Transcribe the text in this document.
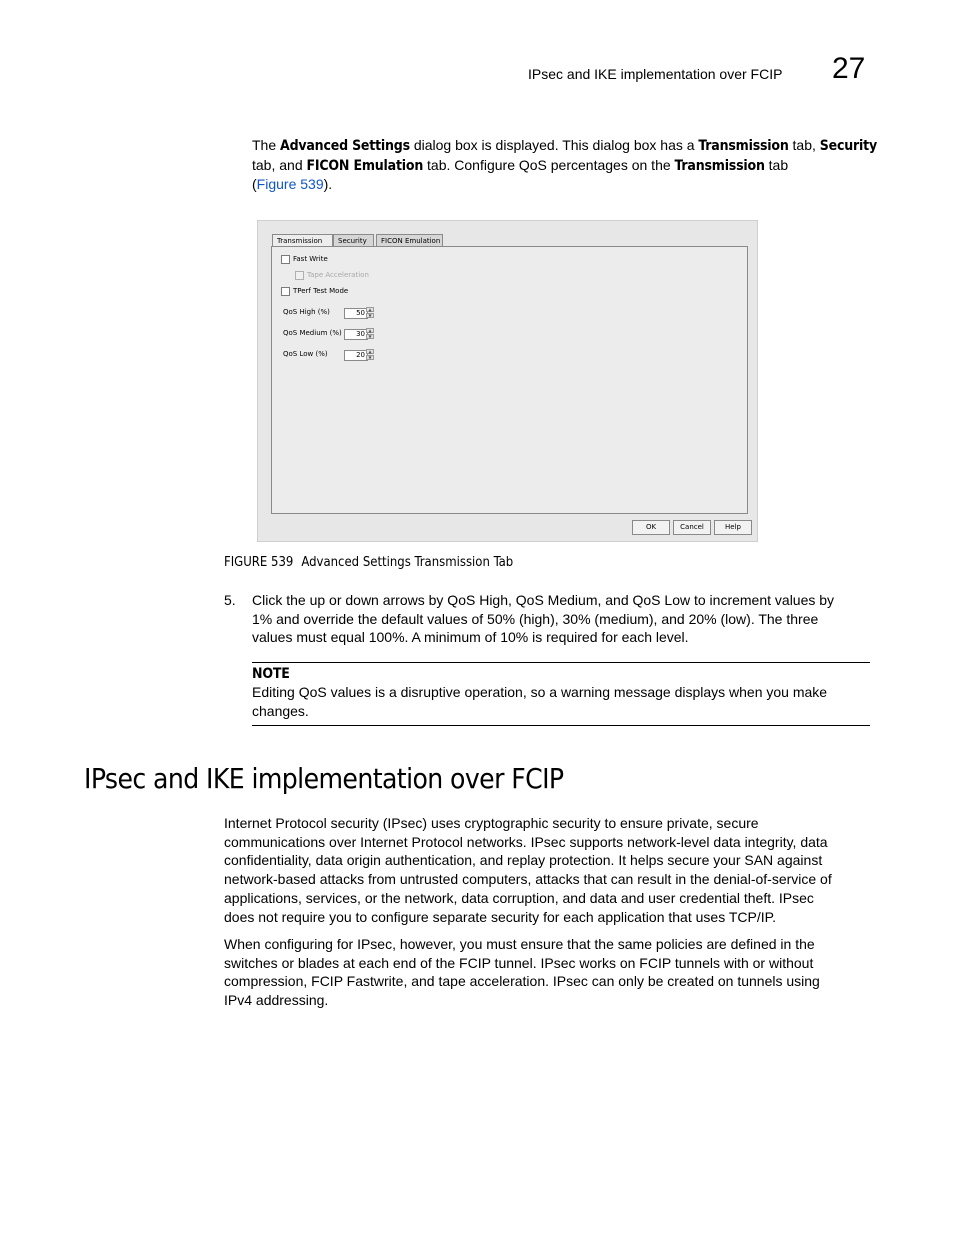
IPsec and IKE implementation over FCIP 27
The Advanced Settings dialog box is displayed. This dialog box has a Transmission tab, Security
tab, and FICON Emulation tab. Configure QoS percentages on the Transmission tab
(Figure 539).
Transmission	Security	FICON Emulation
Fast Write
Tape Acceleration
TPerf Test Mode
QoS High (%)	50 ▲
▼
QoS Medium (%)	30 ▲
▼
QoS Low (%)	20 ▲
▼
OK	Cancel	Help
FIGURE 539 Advanced Settings Transmission Tab
5. Click the up or down arrows by QoS High, QoS Medium, and QoS Low to increment values by
1% and override the default values of 50% (high), 30% (medium), and 20% (low). The three
values must equal 100%. A minimum of 10% is required for each level.
NOTE
Editing QoS values is a disruptive operation, so a warning message displays when you make
changes.
IPsec and IKE implementation over FCIP
Internet Protocol security (IPsec) uses cryptographic security to ensure private, secure
communications over Internet Protocol networks. IPsec supports network-level data integrity, data
confidentiality, data origin authentication, and replay protection. It helps secure your SAN against
network-based attacks from untrusted computers, attacks that can result in the denial-of-service of
applications, services, or the network, data corruption, and data and user credential theft. IPsec
does not require you to configure separate security for each application that uses TCP/IP.
When configuring for IPsec, however, you must ensure that the same policies are defined in the
switches or blades at each end of the FCIP tunnel. IPsec works on FCIP tunnels with or without
compression, FCIP Fastwrite, and tape acceleration. IPsec can only be created on tunnels using
IPv4 addressing.
